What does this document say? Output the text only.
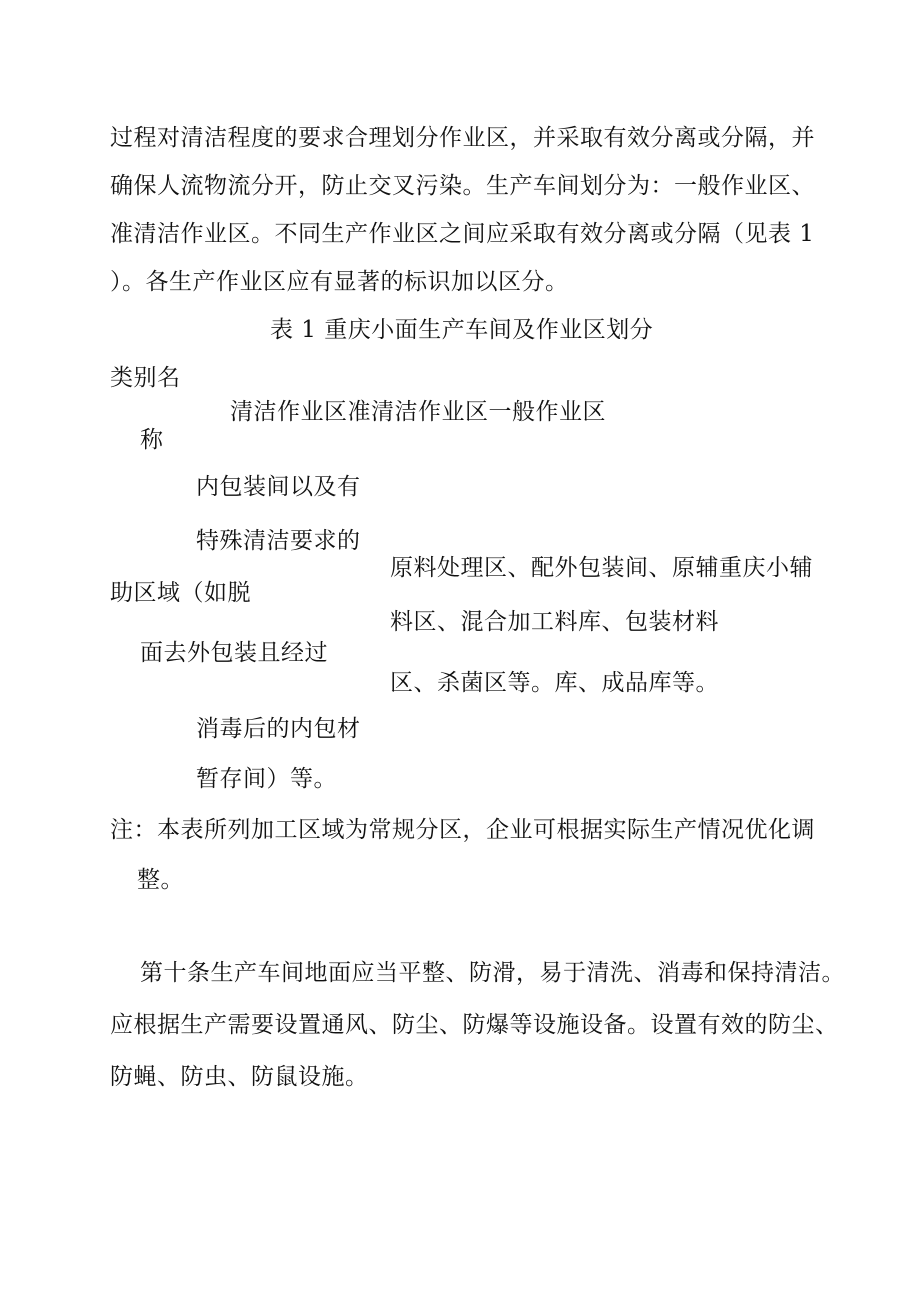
过程对清洁程度的要求合理划分作业区，并采取有效分离或分隔，并
确保人流物流分开，防止交叉污染。生产车间划分为：一般作业区、
准清洁作业区。不同生产作业区之间应采取有效分离或分隔（见表 1
）。各生产作业区应有显著的标识加以区分。
表 1 重庆小面生产车间及作业区划分
类别名
清洁作业区准清洁作业区一般作业区
称
内包装间以及有
特殊清洁要求的
助区域（如脱
面去外包装且经过
消毒后的内包材
暂存间）等。
原料处理区、配外包装间、原辅重庆小辅
料区、混合加工料库、包装材料
区、杀菌区等。库、成品库等。
注：本表所列加工区域为常规分区，企业可根据实际生产情况优化调
整。
第十条生产车间地面应当平整、防滑，易于清洗、消毒和保持清洁。
应根据生产需要设置通风、防尘、防爆等设施设备。设置有效的防尘、
防蝇、防虫、防鼠设施。
